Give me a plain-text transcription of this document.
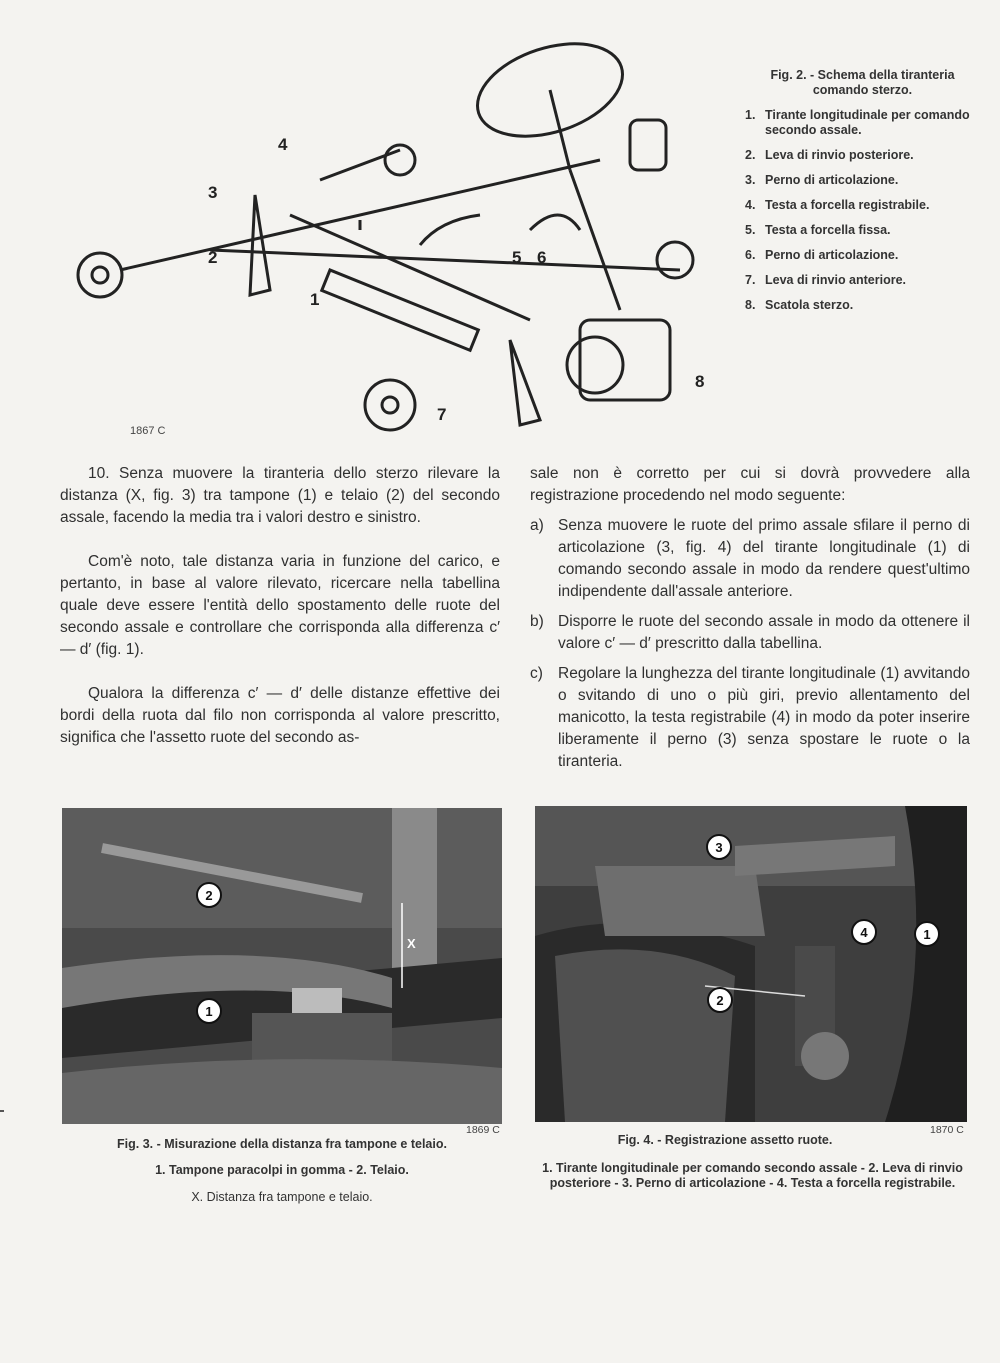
4
3
2
1
5 6
7
8
1867 C
Fig. 2. - Schema della tiranteria comando sterzo.
1. Tirante longitudinale per comando secondo assale.
2. Leva di rinvio posteriore.
3. Perno di articolazione.
4. Testa a forcella registrabile.
5. Testa a forcella fissa.
6. Perno di articolazione.
7. Leva di rinvio anteriore.
8. Scatola sterzo.

10. Senza muovere la tiranteria dello sterzo rilevare la distanza (X, fig. 3) tra tampone (1) e telaio (2) del secondo assale, facendo la media tra i valori destro e sinistro.

Com'è noto, tale distanza varia in funzione del carico, e pertanto, in base al valore rilevato, ricercare nella tabellina quale deve essere l'entità dello spostamento delle ruote del secondo assale e controllare che corrisponda alla differenza c′ — d′ (fig. 1).

Qualora la differenza c′ — d′ delle distanze effettive dei bordi della ruota dal filo non corrisponda al valore prescritto, significa che l'assetto ruote del secondo as-

sale non è corretto per cui si dovrà provvedere alla registrazione procedendo nel modo seguente:

a) Senza muovere le ruote del primo assale sfilare il perno di articolazione (3, fig. 4) del tirante longitudinale (1) di comando secondo assale in modo da rendere quest'ultimo indipendente dall'assale anteriore.
b) Disporre le ruote del secondo assale in modo da ottenere il valore c′ — d′ prescritto dalla tabellina.
c) Regolare la lunghezza del tirante longitudinale (1) avvitando o svitando di uno o più giri, previo allentamento del manicotto, la testa registrabile (4) in modo da poter inserire liberamente il perno (3) senza spostare le ruote o la tiranteria.
2
1
X
1869 C
Fig. 3. - Misurazione della distanza fra tampone e telaio.
1. Tampone paracolpi in gomma - 2. Telaio.
X. Distanza fra tampone e telaio.
3
4	1
2
1870 C
Fig. 4. - Registrazione assetto ruote.
1. Tirante longitudinale per comando secondo assale - 2. Leva di rinvio posteriore - 3. Perno di articolazione - 4. Testa a forcella registrabile.
